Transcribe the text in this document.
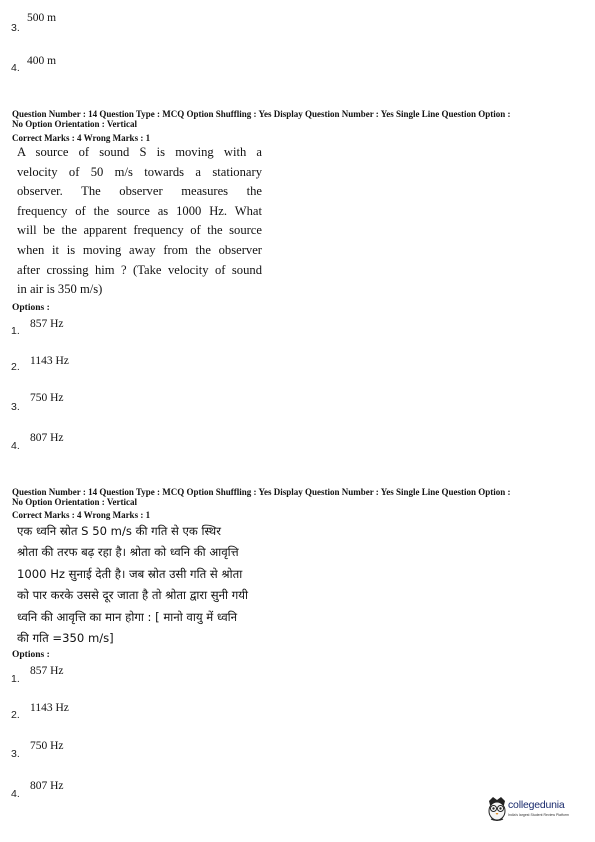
3.
500 m
4.
400 m
Question Number : 14 Question Type : MCQ Option Shuffling : Yes Display Question Number : Yes Single Line Question Option :
No Option Orientation : Vertical
Correct Marks : 4 Wrong Marks : 1
A source of sound S is moving with a
velocity of 50 m/s towards a stationary
observer. The observer measures the
frequency of the source as 1000 Hz. What
will be the apparent frequency of the source
when it is moving away from the observer
after crossing him ? (Take velocity of sound
in air is 350 m/s)
Options :
1.
857 Hz
2. 1143 Hz
3.
750 Hz
4.
807 Hz
Question Number : 14 Question Type : MCQ Option Shuffling : Yes Display Question Number : Yes Single Line Question Option :
No Option Orientation : Vertical
Correct Marks : 4 Wrong Marks : 1
एक ध्वनि स्रोत S 50 m/s की गति से एक स्थिर
श्रोता की तरफ बढ़ रहा है। श्रोता को ध्वनि की आवृत्ति
1000 Hz सुनाई देती है। जब स्रोत उसी गति से श्रोता
को पार करके उससे दूर जाता है तो श्रोता द्वारा सुनी गयी
ध्वनि की आवृत्ति का मान होगा : [ मानो वायु में ध्वनि
की गति =350 m/s]
Options :
1.
857 Hz
2.
1143 Hz
3.
750 Hz
4.
807 Hz
collegedunia
India's largest Student Review Platform
